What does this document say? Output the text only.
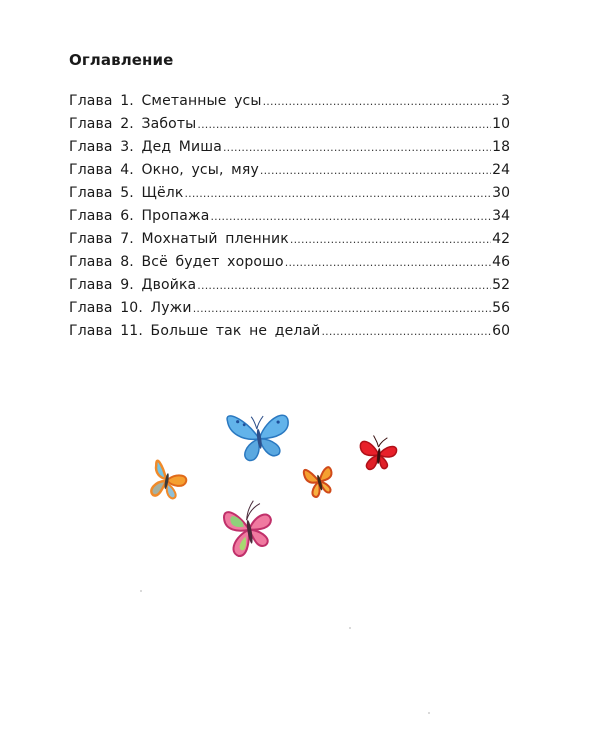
Оглавление
Глава 1. Сметанные усы .....	3
Глава 2. Заботы .....	10
Глава 3. Дед Миша .....	18
Глава 4. Окно, усы, мяу .....	24
Глава 5. Щёлк .....	30
Глава 6. Пропажа .....	34
Глава 7. Мохнатый пленник .....	42
Глава 8. Всё будет хорошо .....	46
Глава 9. Двойка .....	52
Глава 10. Лужи .....	56
Глава 11. Больше так не делай .....	60
